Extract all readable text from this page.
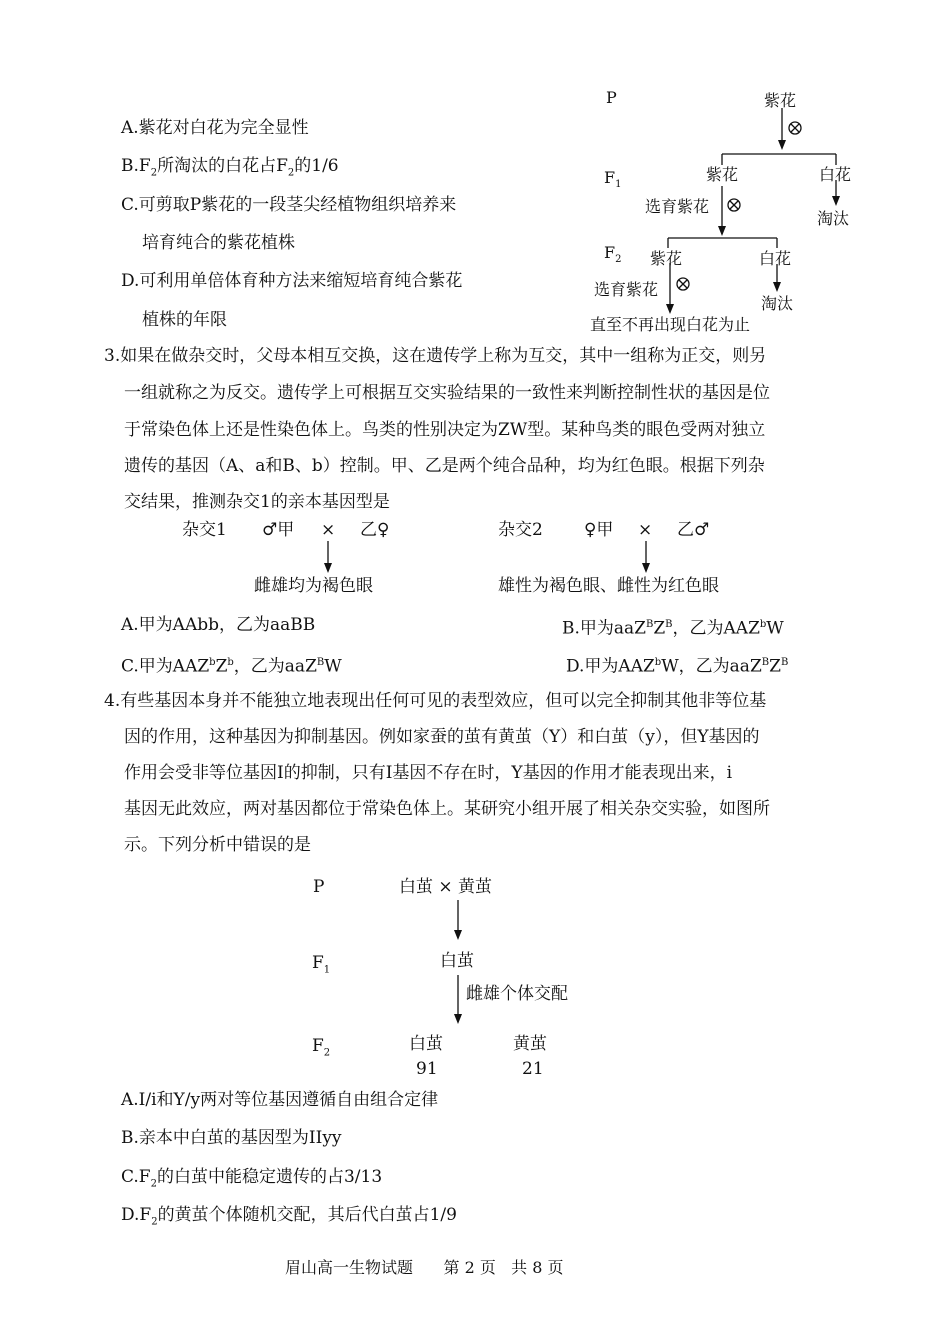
A.紫花对白花为完全显性
$B.F_2$所淘汰的白花占$F_2$的1/6
C.可剪取P紫花的一段茎尖经植物组织培养来
培育纯合的紫花植株
D.可利用单倍体育种方法来缩短培育纯合紫花
植株的年限
P	紫花
$F_1$
紫花	白花
选育紫花
淘汰
$F_2$ 紫花	白花
选育紫花
淘汰
直至不再出现白花为止
3.如果在做杂交时，父母本相互交换，这在遗传学上称为互交，其中一组称为正交，则另
一组就称之为反交。遗传学上可根据互交实验结果的一致性来判断控制性状的基因是位
于常染色体上还是性染色体上。鸟类的性别决定为ZW型。某种鸟类的眼色受两对独立
遗传的基因（A、a和B、b）控制。甲、乙是两个纯合品种，均为红色眼。根据下列杂
交结果，推测杂交1的亲本基因型是
杂交1 ♂甲 × 乙♀
雌雄均为褐色眼
杂交2 ♀甲 × 乙♂
雄性为褐色眼、雌性为红色眼
A.甲为AAbb，乙为aaBB	B.甲为$aaZ^BZ^B$，乙为AAZ$^b$W
C.甲为$AAZ^bZ^b$，乙为aaZ$^B$W	D.甲为AAZ$^b$W，乙为$aaZ^BZ^B$
4.有些基因本身并不能独立地表现出任何可见的表型效应，但可以完全抑制其他非等位基
因的作用，这种基因为抑制基因。例如家蚕的茧有黄茧（Y）和白茧（y），但Y基因的
作用会受非等位基因I的抑制，只有I基因不存在时，Y基因的作用才能表现出来，i
基因无此效应，两对基因都位于常染色体上。某研究小组开展了相关杂交实验，如图所
示。下列分析中错误的是
P	白茧 × 黄茧
$F_1$	白茧
雌雄个体交配
$F_2$	白茧	黄茧
91	21
A.I/i和Y/y两对等位基因遵循自由组合定律
B.亲本中白茧的基因型为IIyy
$C.F_2$的白茧中能稳定遗传的占3/13
$D.F_2$的黄茧个体随机交配，其后代白茧占1/9
眉山高一生物试题      第 2 页   共 8 页
